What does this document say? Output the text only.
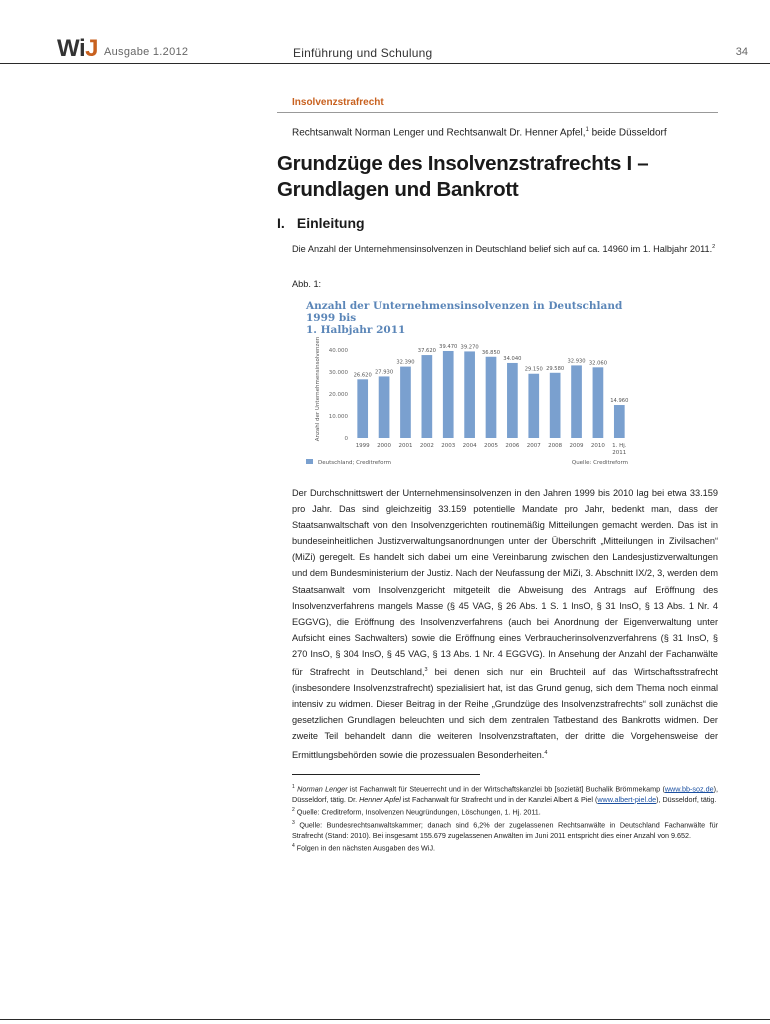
WiJ Ausgabe 1.2012	Einführung und Schulung	34
Insolvenzstrafrecht
Rechtsanwalt Norman Lenger und Rechtsanwalt Dr. Henner Apfel,$^1$ beide Düsseldorf
Grundzüge des Insolvenzstrafrechts I –
Grundlagen und Bankrott
I. Einleitung
Die Anzahl der Unternehmensinsolvenzen in Deutschland belief sich auf ca. 14960 im 1. Halbjahr 2011.$^2$
Abb. 1:
Anzahl der Unternehmensinsolvenzen in Deutschland 1999 bis
1. Halbjahr 2011
Anzahl der Unternehmensinsolvenzen	0
10.000
20.000
30.000
40.000
26.620
1999
27.930
2000
32.390
2001
37.620
2002
39.470
2003
39.270
2004
36.850
2005
34.040
2006
29.150
2007
29.580
2008
32.930
2009
32.060
2010
14.960
1. Hj.
2011
Deutschland; Creditreform	Quelle: Creditreform

Der Durchschnittswert der Unternehmensinsolvenzen in den Jahren 1999 bis 2010 lag bei etwa 33.159 pro Jahr. Das sind gleichzeitig 33.159 potentielle Mandate pro Jahr, bedenkt man, dass der Staatsanwaltschaft von den Insolvenzgerichten routinemäßig Mitteilungen gemacht werden. Das ist in bundeseinheitlichen Justizverwaltungsanordnungen unter der Überschrift „Mitteilungen in Zivilsachen“ (MiZi) geregelt. Es handelt sich dabei um eine Vereinbarung zwischen den Landesjustizverwaltungen und dem Bundesministerium der Justiz. Nach der Neufassung der MiZi, 3. Abschnitt IX/2, 3, werden dem Staatsanwalt vom Insolvenzgericht mitgeteilt die Abweisung des Antrags auf Eröffnung des Insolvenzverfahrens mangels Masse (§ 45 VAG, § 26 Abs. 1 S. 1 InsO, § 31 InsO, § 13 Abs. 1 Nr. 4 EGGVG), die Eröffnung des Insolvenzverfahrens (auch bei Anordnung der Eigenverwaltung unter Aufsicht eines Sachwalters) sowie die Eröffnung eines Verbraucherinsolvenzverfahrens (§ 31 InsO, § 270 InsO, § 304 InsO, § 45 VAG, § 13 Abs. 1 Nr. 4 EGGVG). In Ansehung der Anzahl der Fachanwälte für Strafrecht in Deutschland,$^3$ bei denen sich nur ein Bruchteil auf das Wirtschaftsstrafrecht (insbesondere Insolvenzstrafrecht) spezialisiert hat, ist das Grund genug, sich dem Thema noch einmal intensiv zu widmen. Dieser Beitrag in der Reihe „Grundzüge des Insolvenzstrafrechts“ soll zunächst die gesetzlichen Grundlagen beleuchten und sich dem zentralen Tatbestand des Bankrotts widmen. Der zweite Teil behandelt dann die weiteren Insolvenzstraftaten, der dritte die Vorgehensweise der Ermittlungsbehörden sowie die prozessualen Besonderheiten.$^4$

$^1$ Norman Lenger ist Fachanwalt für Steuerrecht und in der Wirtschaftskanzlei bb [sozietät] Buchalik Brömmekamp (www.bb-soz.de), Düsseldorf, tätig. Dr. Henner Apfel ist Fachanwalt für Strafrecht und in der Kanzlei Albert & Piel (www.albert-piel.de), Düsseldorf, tätig.

$^2$ Quelle: Creditreform, Insolvenzen Neugründungen, Löschungen, 1. Hj. 2011.

$^3$ Quelle: Bundesrechtsanwaltskammer; danach sind 6,2% der zugelassenen Rechtsanwälte in Deutschland Fachanwälte für Strafrecht (Stand: 2010). Bei insgesamt 155.679 zugelassenen Anwälten im Juni 2011 entspricht dies einer Anzahl von 9.652.

$^4$ Folgen in den nächsten Ausgaben des WiJ.
